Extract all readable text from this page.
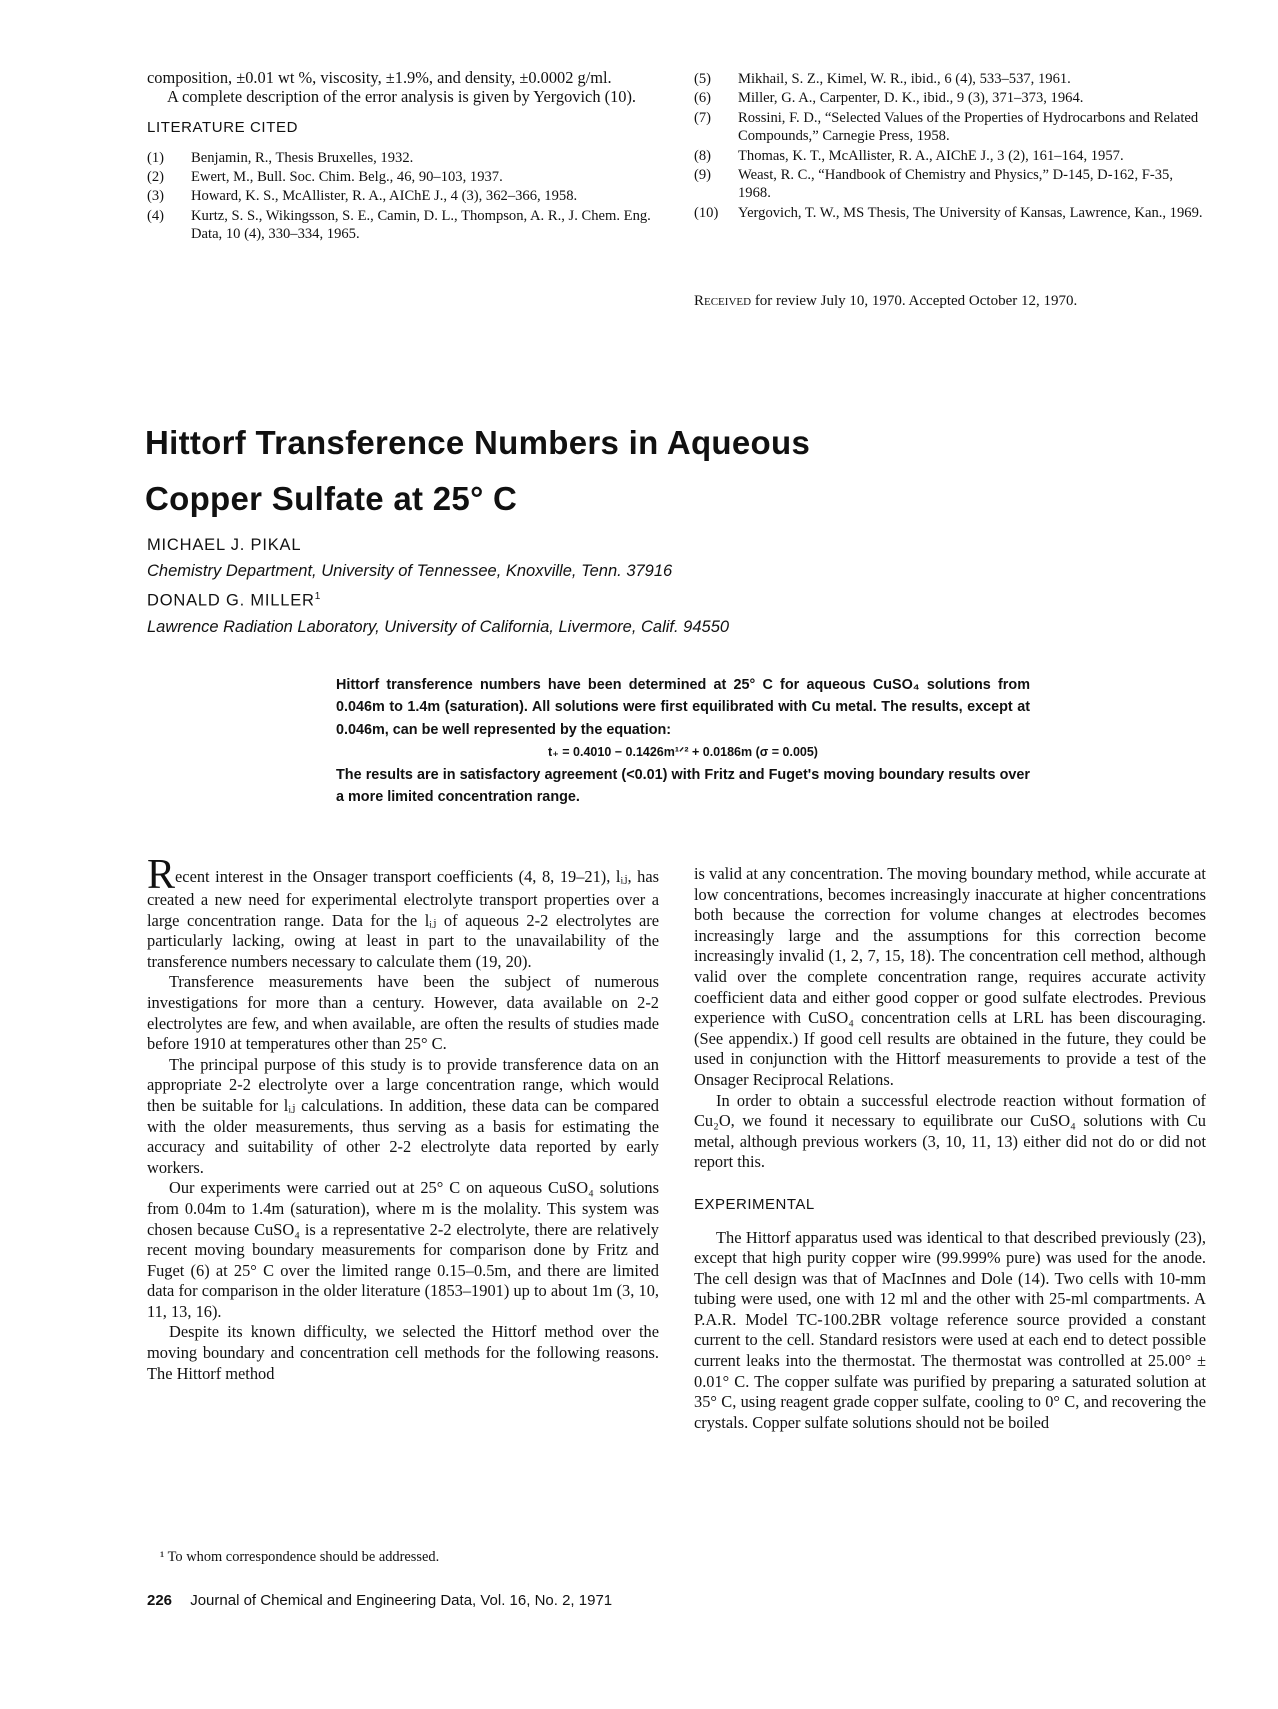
composition, ±0.01 wt %, viscosity, ±1.9%, and density, ±0.0002 g/ml.
A complete description of the error analysis is given by Yergovich (10).
LITERATURE CITED
(1)	Benjamin, R., Thesis Bruxelles, 1932.
(2)	Ewert, M., Bull. Soc. Chim. Belg., 46, 90–103, 1937.
(3)	Howard, K. S., McAllister, R. A., AIChE J., 4 (3), 362–366, 1958.
(4)	Kurtz, S. S., Wikingsson, S. E., Camin, D. L., Thompson, A. R., J. Chem. Eng. Data, 10 (4), 330–334, 1965.
(5)	Mikhail, S. Z., Kimel, W. R., ibid., 6 (4), 533–537, 1961.
(6)	Miller, G. A., Carpenter, D. K., ibid., 9 (3), 371–373, 1964.
(7)	Rossini, F. D., “Selected Values of the Properties of Hydrocarbons and Related Compounds,” Carnegie Press, 1958.
(8)	Thomas, K. T., McAllister, R. A., AIChE J., 3 (2), 161–164, 1957.
(9)	Weast, R. C., “Handbook of Chemistry and Physics,” D-145, D-162, F-35, 1968.
(10)	Yergovich, T. W., MS Thesis, The University of Kansas, Lawrence, Kan., 1969.
Received for review July 10, 1970. Accepted October 12, 1970.
Hittorf Transference Numbers in Aqueous
Copper Sulfate at 25° C
MICHAEL J. PIKAL
Chemistry Department, University of Tennessee, Knoxville, Tenn. 37916
DONALD G. MILLER$^1$
Lawrence Radiation Laboratory, University of California, Livermore, Calif. 94550

Hittorf transference numbers have been determined at 25° C for aqueous CuSO₄ solutions from 0.046m to 1.4m (saturation). All solutions were first equilibrated with Cu metal. The results, except at 0.046m, can be well represented by the equation:

t₊ = 0.4010 − 0.1426m¹ᐟ² + 0.0186m (σ = 0.005)

The results are in satisfactory agreement (<0.01) with Fritz and Fuget's moving boundary results over a more limited concentration range.

Recent interest in the Onsager transport coefficients (4, 8, 19–21), lᵢⱼ, has created a new need for experimental electrolyte transport properties over a large concentration range. Data for the lᵢⱼ of aqueous 2-2 electrolytes are particularly lacking, owing at least in part to the unavailability of the transference numbers necessary to calculate them (19, 20).

Transference measurements have been the subject of numerous investigations for more than a century. However, data available on 2-2 electrolytes are few, and when available, are often the results of studies made before 1910 at temperatures other than 25° C.

The principal purpose of this study is to provide transference data on an appropriate 2-2 electrolyte over a large concentration range, which would then be suitable for lᵢⱼ calculations. In addition, these data can be compared with the older measurements, thus serving as a basis for estimating the accuracy and suitability of other 2-2 electrolyte data reported by early workers.

Our experiments were carried out at 25° C on aqueous CuSO₄ solutions from 0.04m to 1.4m (saturation), where m is the molality. This system was chosen because CuSO₄ is a representative 2-2 electrolyte, there are relatively recent moving boundary measurements for comparison done by Fritz and Fuget (6) at 25° C over the limited range 0.15–0.5m, and there are limited data for comparison in the older literature (1853–1901) up to about 1m (3, 10, 11, 13, 16).

Despite its known difficulty, we selected the Hittorf method over the moving boundary and concentration cell methods for the following reasons. The Hittorf method

is valid at any concentration. The moving boundary method, while accurate at low concentrations, becomes increasingly inaccurate at higher concentrations both because the correction for volume changes at electrodes becomes increasingly large and the assumptions for this correction become increasingly invalid (1, 2, 7, 15, 18). The concentration cell method, although valid over the complete concentration range, requires accurate activity coefficient data and either good copper or good sulfate electrodes. Previous experience with CuSO₄ concentration cells at LRL has been discouraging. (See appendix.) If good cell results are obtained in the future, they could be used in conjunction with the Hittorf measurements to provide a test of the Onsager Reciprocal Relations.

In order to obtain a successful electrode reaction without formation of Cu₂O, we found it necessary to equilibrate our CuSO₄ solutions with Cu metal, although previous workers (3, 10, 11, 13) either did not do or did not report this.

EXPERIMENTAL

The Hittorf apparatus used was identical to that described previously (23), except that high purity copper wire (99.999% pure) was used for the anode. The cell design was that of MacInnes and Dole (14). Two cells with 10-mm tubing were used, one with 12 ml and the other with 25-ml compartments. A P.A.R. Model TC-100.2BR voltage reference source provided a constant current to the cell. Standard resistors were used at each end to detect possible current leaks into the thermostat. The thermostat was controlled at 25.00° ± 0.01° C. The copper sulfate was purified by preparing a saturated solution at 35° C, using reagent grade copper sulfate, cooling to 0° C, and recovering the crystals. Copper sulfate solutions should not be boiled

¹ To whom correspondence should be addressed.
226 Journal of Chemical and Engineering Data, Vol. 16, No. 2, 1971
